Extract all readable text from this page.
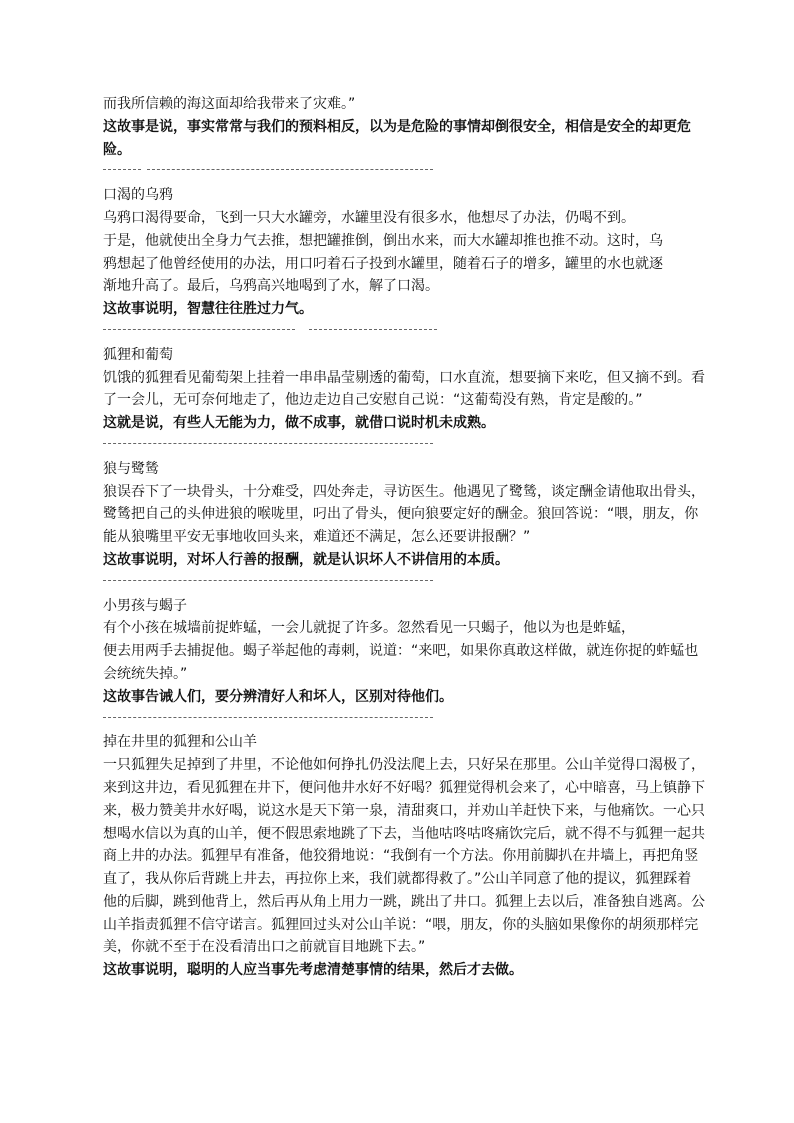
而我所信赖的海这面却给我带来了灾难。”
这故事是说，事实常常与我们的预料相反，以为是危险的事情却倒很安全，相信是安全的却更危
险。
口渴的乌鸦
乌鸦口渴得要命，飞到一只大水罐旁，水罐里没有很多水，他想尽了办法，仍喝不到。
于是，他就使出全身力气去推，想把罐推倒，倒出水来，而大水罐却推也推不动。这时，乌
鸦想起了他曾经使用的办法，用口叼着石子投到水罐里，随着石子的增多，罐里的水也就逐
渐地升高了。最后，乌鸦高兴地喝到了水，解了口渴。
这故事说明，智慧往往胜过力气。
狐狸和葡萄
饥饿的狐狸看见葡萄架上挂着一串串晶莹剔透的葡萄，口水直流，想要摘下来吃，但又摘不到。看
了一会儿，无可奈何地走了，他边走边自己安慰自己说：“这葡萄没有熟，肯定是酸的。”
这就是说，有些人无能为力，做不成事，就借口说时机未成熟。
狼与鹭鸶
狼误吞下了一块骨头，十分难受，四处奔走，寻访医生。他遇见了鹭鸶，谈定酬金请他取出骨头，
鹭鸶把自己的头伸进狼的喉咙里，叼出了骨头，便向狼要定好的酬金。狼回答说：“喂，朋友，你
能从狼嘴里平安无事地收回头来，难道还不满足，怎么还要讲报酬？”
这故事说明，对坏人行善的报酬，就是认识坏人不讲信用的本质。
小男孩与蝎子
有个小孩在城墙前捉蚱蜢，一会儿就捉了许多。忽然看见一只蝎子，他以为也是蚱蜢，
便去用两手去捕捉他。蝎子举起他的毒刺，说道：“来吧，如果你真敢这样做，就连你捉的蚱蜢也
会统统失掉。”
这故事告诫人们，要分辨清好人和坏人，区别对待他们。
掉在井里的狐狸和公山羊
一只狐狸失足掉到了井里，不论他如何挣扎仍没法爬上去，只好呆在那里。公山羊觉得口渴极了，
来到这井边，看见狐狸在井下，便问他井水好不好喝？狐狸觉得机会来了，心中暗喜，马上镇静下
来，极力赞美井水好喝，说这水是天下第一泉，清甜爽口，并劝山羊赶快下来，与他痛饮。一心只
想喝水信以为真的山羊，便不假思索地跳了下去，当他咕咚咕咚痛饮完后，就不得不与狐狸一起共
商上井的办法。狐狸早有准备，他狡猾地说：“我倒有一个方法。你用前脚扒在井墙上，再把角竖
直了，我从你后背跳上井去，再拉你上来，我们就都得救了。”公山羊同意了他的提议，狐狸踩着
他的后脚，跳到他背上，然后再从角上用力一跳，跳出了井口。狐狸上去以后，准备独自逃离。公
山羊指责狐狸不信守诺言。狐狸回过头对公山羊说：“喂，朋友，你的头脑如果像你的胡须那样完
美，你就不至于在没看清出口之前就盲目地跳下去。”
这故事说明，聪明的人应当事先考虑清楚事情的结果，然后才去做。
